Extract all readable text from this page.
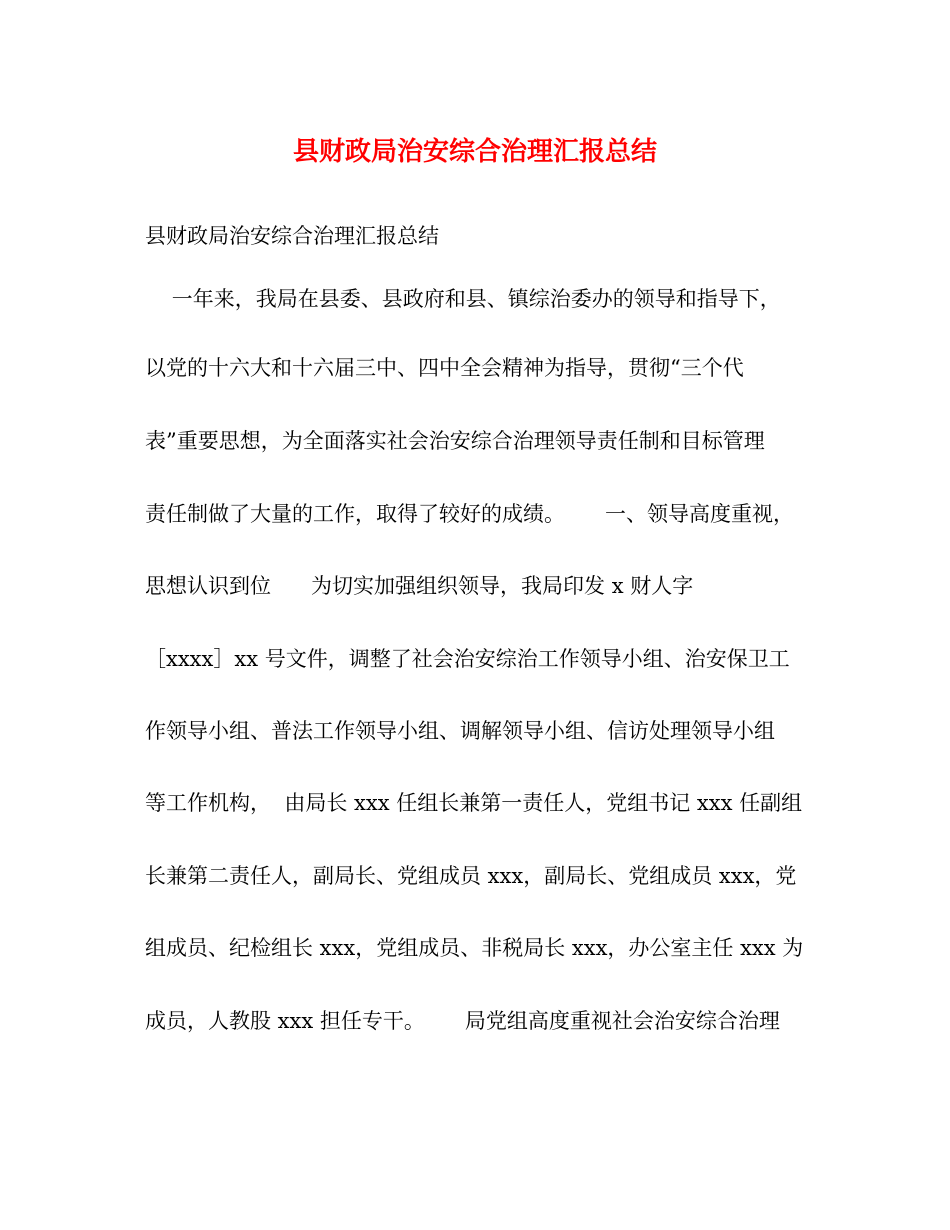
县财政局治安综合治理汇报总结
县财政局治安综合治理汇报总结
一年来，我局在县委、县政府和县、镇综治委办的领导和指导下，
以党的十六大和十六届三中、四中全会精神为指导，贯彻“三个代
表”重要思想，为全面落实社会治安综合治理领导责任制和目标管理
责任制做了大量的工作，取得了较好的成绩。      一、领导高度重视，
思想认识到位      为切实加强组织领导，我局印发 x 财人字
［xxxx］xx 号文件，调整了社会治安综治工作领导小组、治安保卫工
作领导小组、普法工作领导小组、调解领导小组、信访处理领导小组
等工作机构，  由局长 xxx 任组长兼第一责任人，党组书记 xxx 任副组
长兼第二责任人，副局长、党组成员 xxx，副局长、党组成员 xxx，党
组成员、纪检组长 xxx，党组成员、非税局长 xxx，办公室主任 xxx 为
成员，人教股 xxx 担任专干。      局党组高度重视社会治安综合治理
